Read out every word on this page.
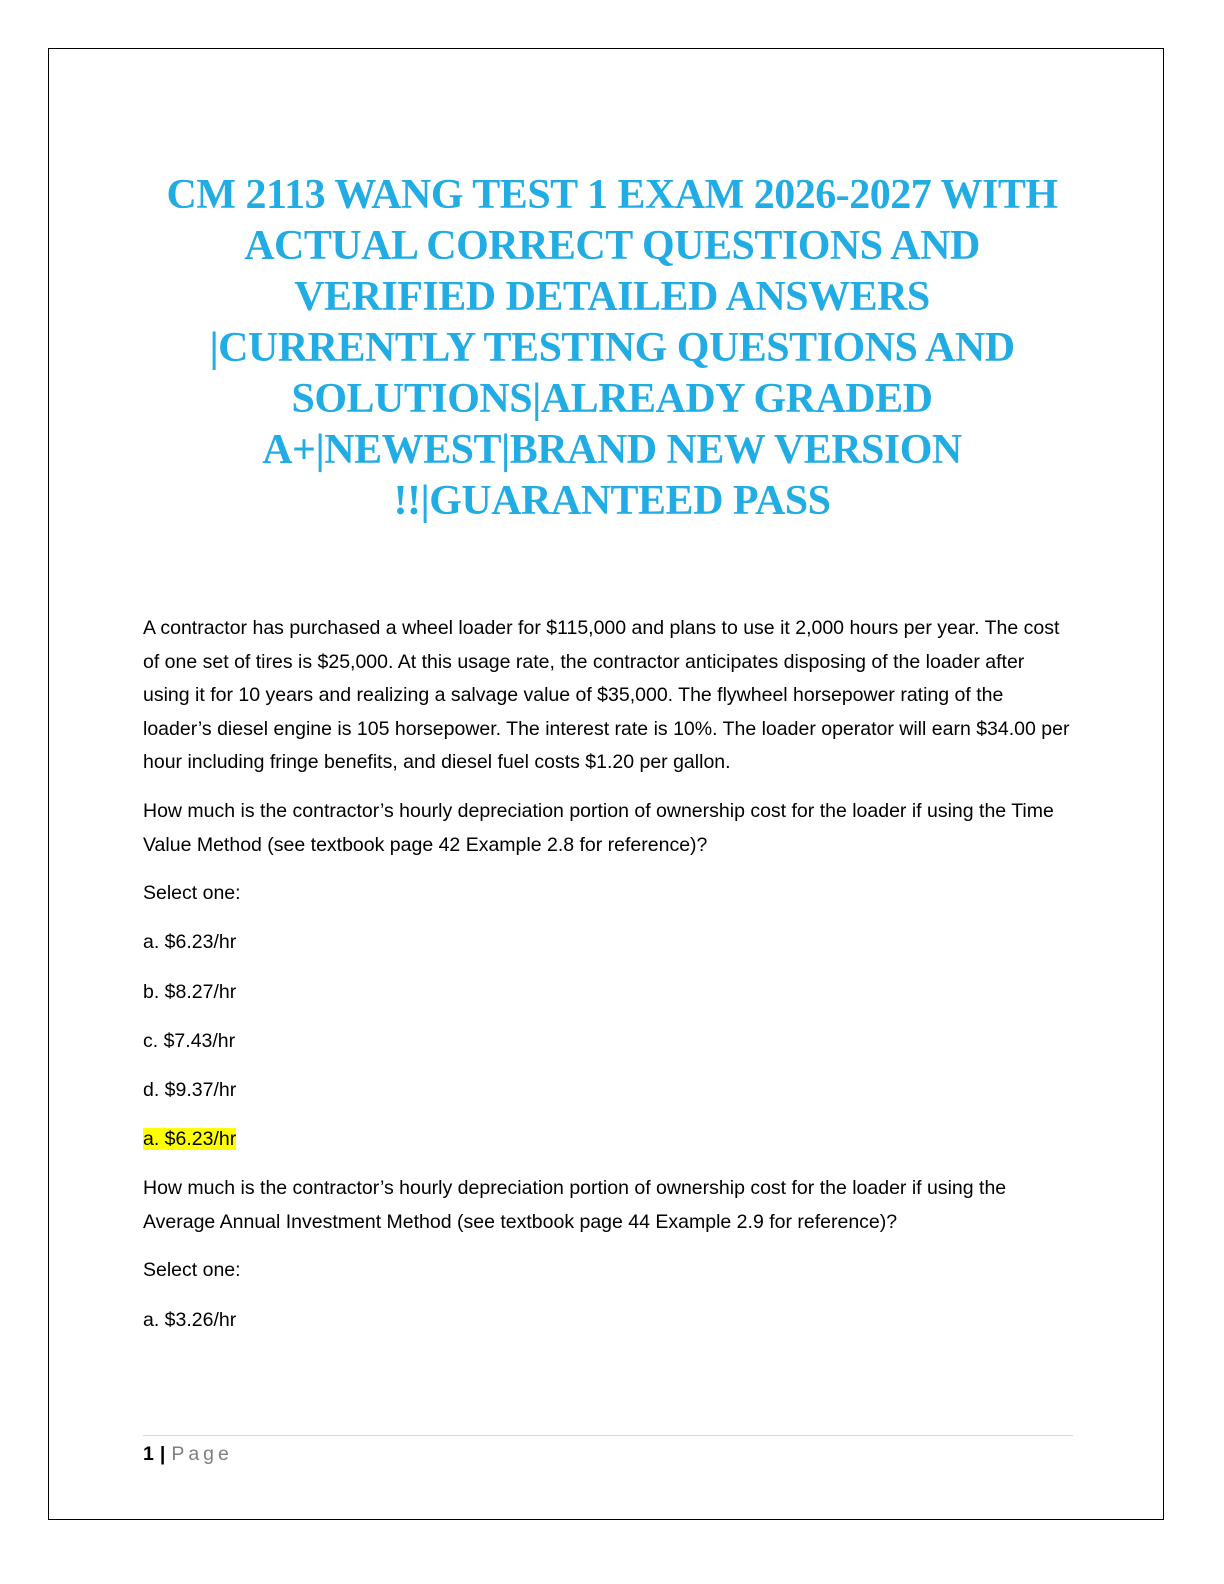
CM 2113 WANG TEST 1 EXAM 2026-2027 WITH
ACTUAL CORRECT QUESTIONS AND
VERIFIED DETAILED ANSWERS
|CURRENTLY TESTING QUESTIONS AND
SOLUTIONS|ALREADY GRADED
A+|NEWEST|BRAND NEW VERSION
!!|GUARANTEED PASS

A contractor has purchased a wheel loader for $115,000 and plans to use it 2,000 hours per year. The cost of one set of tires is $25,000. At this usage rate, the contractor anticipates disposing of the loader after using it for 10 years and realizing a salvage value of $35,000. The flywheel horsepower rating of the loader’s diesel engine is 105 horsepower. The interest rate is 10%. The loader operator will earn $34.00 per hour including fringe benefits, and diesel fuel costs $1.20 per gallon.

How much is the contractor’s hourly depreciation portion of ownership cost for the loader if using the Time Value Method (see textbook page 42 Example 2.8 for reference)?

Select one:

a. $6.23/hr

b. $8.27/hr

c. $7.43/hr

d. $9.37/hr

a. $6.23/hr

How much is the contractor’s hourly depreciation portion of ownership cost for the loader if using the Average Annual Investment Method (see textbook page 44 Example 2.9 for reference)?

Select one:

a. $3.26/hr

1 | Page
